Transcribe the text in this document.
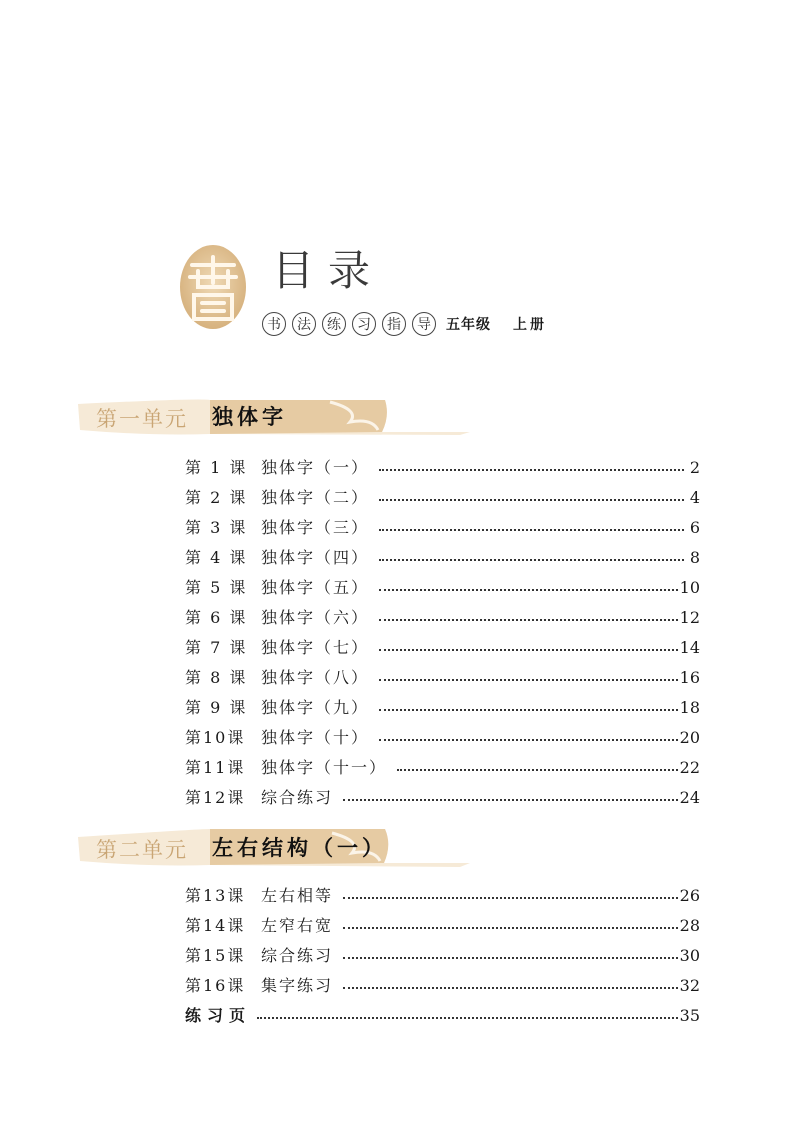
目录
书	法	练	习	指	导	五年级 上册
第一单元 独体字
第 1 课 独体字（一）	2
第 2 课 独体字（二）	4
第 3 课 独体字（三）	6
第 4 课 独体字（四）	8
第 5 课 独体字（五）	10
第 6 课 独体字（六）	12
第 7 课 独体字（七）	14
第 8 课 独体字（八）	16
第 9 课 独体字（九）	18
第10课 独体字（十）	20
第11课 独体字（十一）	22
第12课 综合练习	24
第二单元 左右结构（一）
第13课 左右相等	26
第14课 左窄右宽	28
第15课 综合练习	30
第16课 集字练习	32
练习页	35
